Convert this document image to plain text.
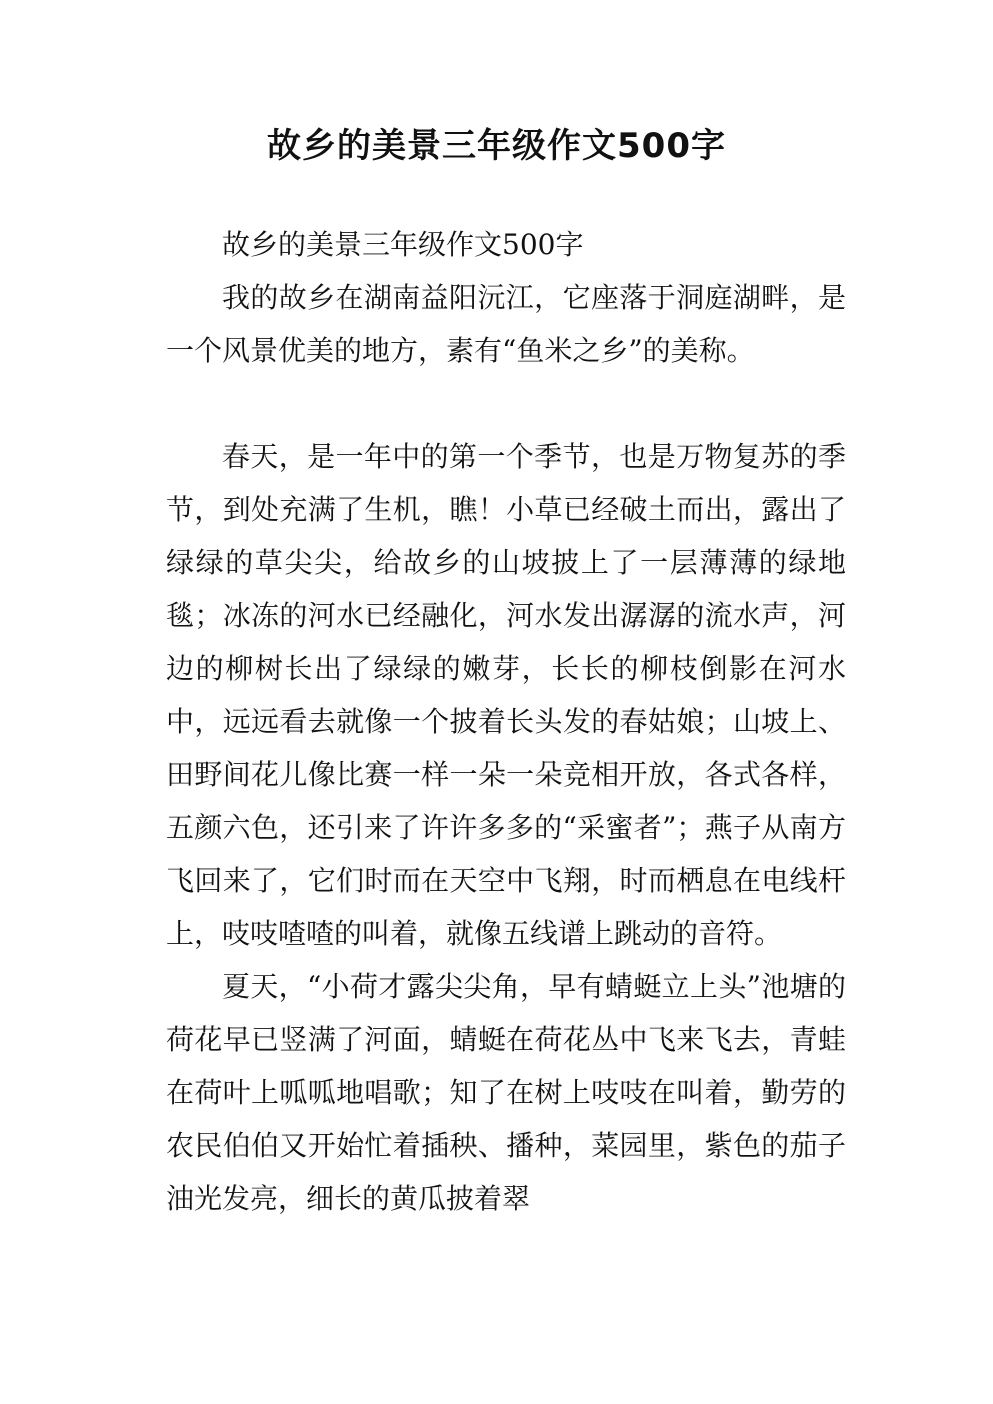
故乡的美景三年级作文500字

故乡的美景三年级作文500字

我的故乡在湖南益阳沅江，它座落于洞庭湖畔，是一个风景优美的地方，素有“鱼米之乡”的美称。

春天，是一年中的第一个季节，也是万物复苏的季节，到处充满了生机，瞧！小草已经破土而出，露出了绿绿的草尖尖，给故乡的山坡披上了一层薄薄的绿地毯；冰冻的河水已经融化，河水发出潺潺的流水声，河边的柳树长出了绿绿的嫩芽，长长的柳枝倒影在河水中，远远看去就像一个披着长头发的春姑娘；山坡上、田野间花儿像比赛一样一朵一朵竞相开放，各式各样，五颜六色，还引来了许许多多的“采蜜者”；燕子从南方飞回来了，它们时而在天空中飞翔，时而栖息在电线杆上，吱吱喳喳的叫着，就像五线谱上跳动的音符。

夏天，“小荷才露尖尖角，早有蜻蜓立上头”池塘的荷花早已竖满了河面，蜻蜓在荷花丛中飞来飞去，青蛙在荷叶上呱呱地唱歌；知了在树上吱吱在叫着，勤劳的农民伯伯又开始忙着插秧、播种，菜园里，紫色的茄子油光发亮，细长的黄瓜披着翠
